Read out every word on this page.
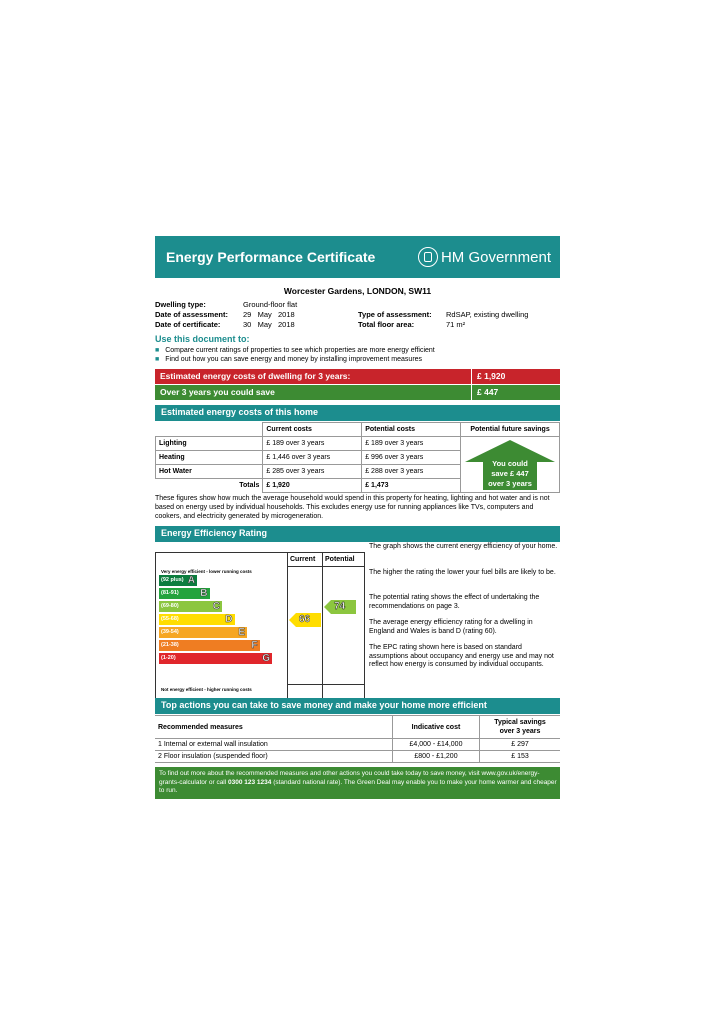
Energy Performance Certificate	HM Government
Worcester Gardens, LONDON, SW11
Dwelling type:	Ground-floor flat
Date of assessment: 29   May   2018
Date of certificate:	30   May   2018
Type of assessment: RdSAP, existing dwelling
Total floor area:	71 m²
Use this document to:
■ Compare current ratings of properties to see which properties are more energy efficient
■ Find out how you can save energy and money by installing improvement measures
Estimated energy costs of dwelling for 3 years:	£ 1,920
Over 3 years you could save	£ 447
Estimated energy costs of this home
	Current costs	Potential costs	Potential future savings
Lighting	£ 189 over 3 years	£ 189 over 3 years	
Heating	£ 1,446 over 3 years	£ 996 over 3 years	
Hot Water	£ 285 over 3 years	£ 288 over 3 years	
Totals	£ 1,920	£ 1,473	
You could
save £ 447
over 3 years
These figures show how much the average household would spend in this property for heating, lighting and hot water and is not based on energy used by individual households. This excludes energy use for running appliances like TVs, computers and cookers, and electricity generated by microgeneration.
Energy Efficiency Rating
Current Potential
Very energy efficient - lower running costs
Not energy efficient - higher running costs
(92 plus) A
(81-91) B
(69-80)	C
(55-68)	D
(39-54)	E
(21-38)	F
(1-20)	G
66
74
The graph shows the current energy efficiency of your home.
The higher the rating the lower your fuel bills are likely to be.
The potential rating shows the effect of undertaking the recommendations on page 3.
The average energy efficiency rating for a dwelling in England and Wales is band D (rating 60).
The EPC rating shown here is based on standard assumptions about occupancy and energy use and may not reflect how energy is consumed by individual occupants.
Top actions you can take to save money and make your home more efficient
Recommended measures	Indicative cost	Typical savings
over 3 years

1 Internal or external wall insulation	£4,000 - £14,000	£ 297
2 Floor insulation (suspended floor)	£800 - £1,200	£ 153
To find out more about the recommended measures and other actions you could take today to save money, visit www.gov.uk/energy-grants-calculator or call 0300 123 1234 (standard national rate). The Green Deal may enable you to make your home warmer and cheaper to run.
